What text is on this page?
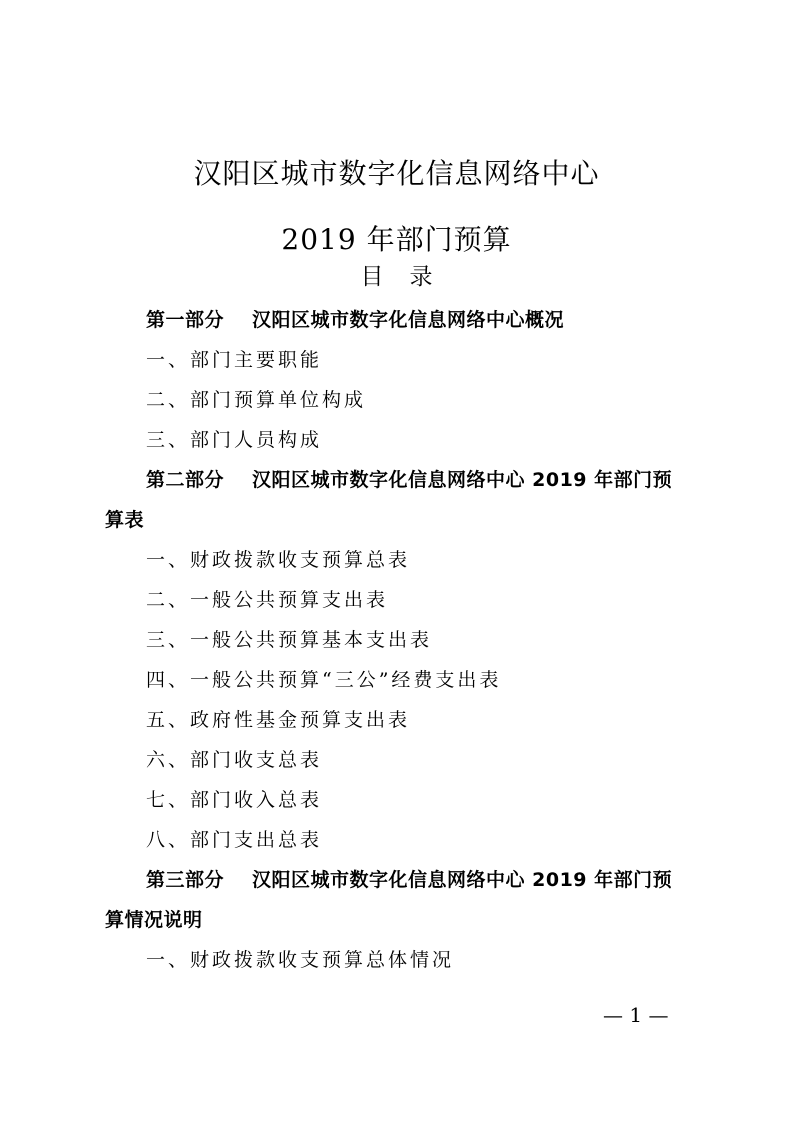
汉阳区城市数字化信息网络中心
2019 年部门预算
目 录
第一部分 汉阳区城市数字化信息网络中心概况
一、部门主要职能
二、部门预算单位构成
三、部门人员构成
第二部分 汉阳区城市数字化信息网络中心 2019 年部门预
算表
一、财政拨款收支预算总表
二、一般公共预算支出表
三、一般公共预算基本支出表
四、一般公共预算“三公”经费支出表
五、政府性基金预算支出表
六、部门收支总表
七、部门收入总表
八、部门支出总表
第三部分 汉阳区城市数字化信息网络中心 2019 年部门预
算情况说明
一、财政拨款收支预算总体情况
— 1 —
